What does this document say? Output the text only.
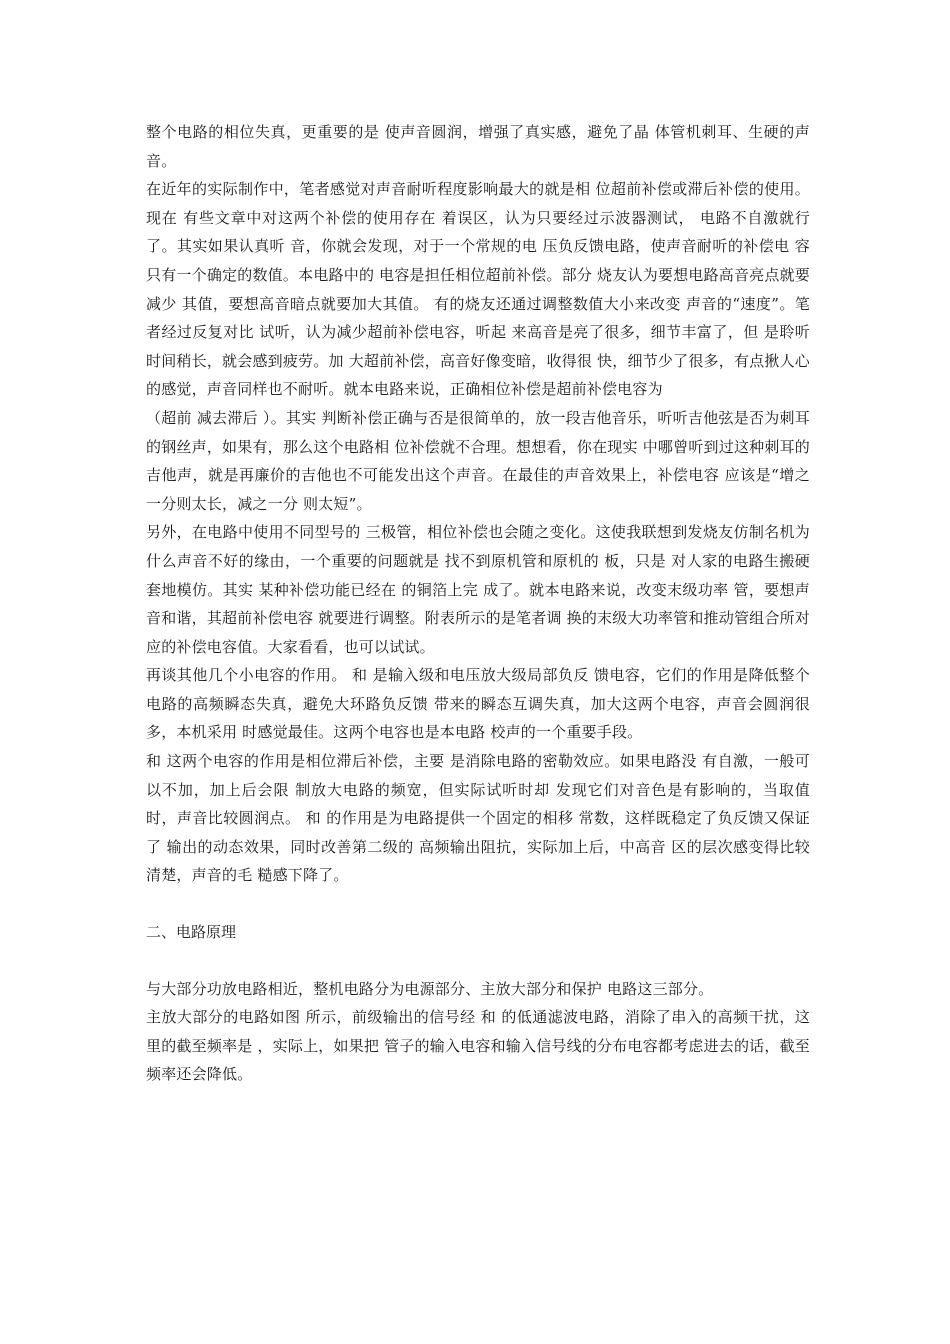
整个电路的相位失真，更重要的是 使声音圆润，增强了真实感，避免了晶 体管机刺耳、生硬的声音。

在近年的实际制作中，笔者感觉对声音耐听程度影响最大的就是相 位超前补偿或滞后补偿的使用。现在 有些文章中对这两个补偿的使用存在 着误区，认为只要经过示波器测试， 电路不自激就行了。其实如果认真听 音，你就会发现，对于一个常规的电 压负反馈电路，使声音耐听的补偿电 容只有一个确定的数值。本电路中的 电容是担任相位超前补偿。部分 烧友认为要想电路高音亮点就要减少 其值，要想高音暗点就要加大其值。 有的烧友还通过调整数值大小来改变 声音的“速度”。笔者经过反复对比 试听，认为减少超前补偿电容，听起 来高音是亮了很多，细节丰富了，但 是聆听时间稍长，就会感到疲劳。加 大超前补偿，高音好像变暗，收得很 快，细节少了很多，有点揪人心的感觉，声音同样也不耐听。就本电路来说，正确相位补偿是超前补偿电容为

（超前 减去滞后 ）。其实 判断补偿正确与否是很简单的，放一段吉他音乐，听听吉他弦是否为刺耳 的钢丝声，如果有，那么这个电路相 位补偿就不合理。想想看，你在现实 中哪曾听到过这种刺耳的吉他声，就是再廉价的吉他也不可能发出这个声音。在最佳的声音效果上，补偿电容 应该是“增之一分则太长，减之一分 则太短”。

另外，在电路中使用不同型号的 三极管，相位补偿也会随之变化。这使我联想到发烧友仿制名机为什么声音不好的缘由，一个重要的问题就是 找不到原机管和原机的 板，只是 对人家的电路生搬硬套地模仿。其实 某种补偿功能已经在 的铜箔上完 成了。就本电路来说，改变末级功率 管，要想声音和谐，其超前补偿电容 就要进行调整。附表所示的是笔者调 换的末级大功率管和推动管组合所对 应的补偿电容值。大家看看，也可以试试。

再谈其他几个小电容的作用。 和 是输入级和电压放大级局部负反 馈电容，它们的作用是降低整个电路的高频瞬态失真，避免大环路负反馈 带来的瞬态互调失真，加大这两个电容，声音会圆润很多，本机采用 时感觉最佳。这两个电容也是本电路 校声的一个重要手段。

和 这两个电容的作用是相位滞后补偿，主要 是消除电路的密勒效应。如果电路没 有自激，一般可以不加，加上后会限 制放大电路的频宽，但实际试听时却 发现它们对音色是有影响的，当取值 时，声音比较圆润点。 和 的作用是为电路提供一个固定的相移 常数，这样既稳定了负反馈又保证了 输出的动态效果，同时改善第二级的 高频输出阻抗，实际加上后，中高音 区的层次感变得比较清楚，声音的毛 糙感下降了。

二、电路原理

与大部分功放电路相近，整机电路分为电源部分、主放大部分和保护 电路这三部分。

主放大部分的电路如图 所示，前级输出的信号经 和 的低通滤波电路，消除了串入的高频干扰，这里的截至频率是 ，实际上，如果把 管子的输入电容和输入信号线的分布电容都考虑进去的话，截至频率还会降低。
